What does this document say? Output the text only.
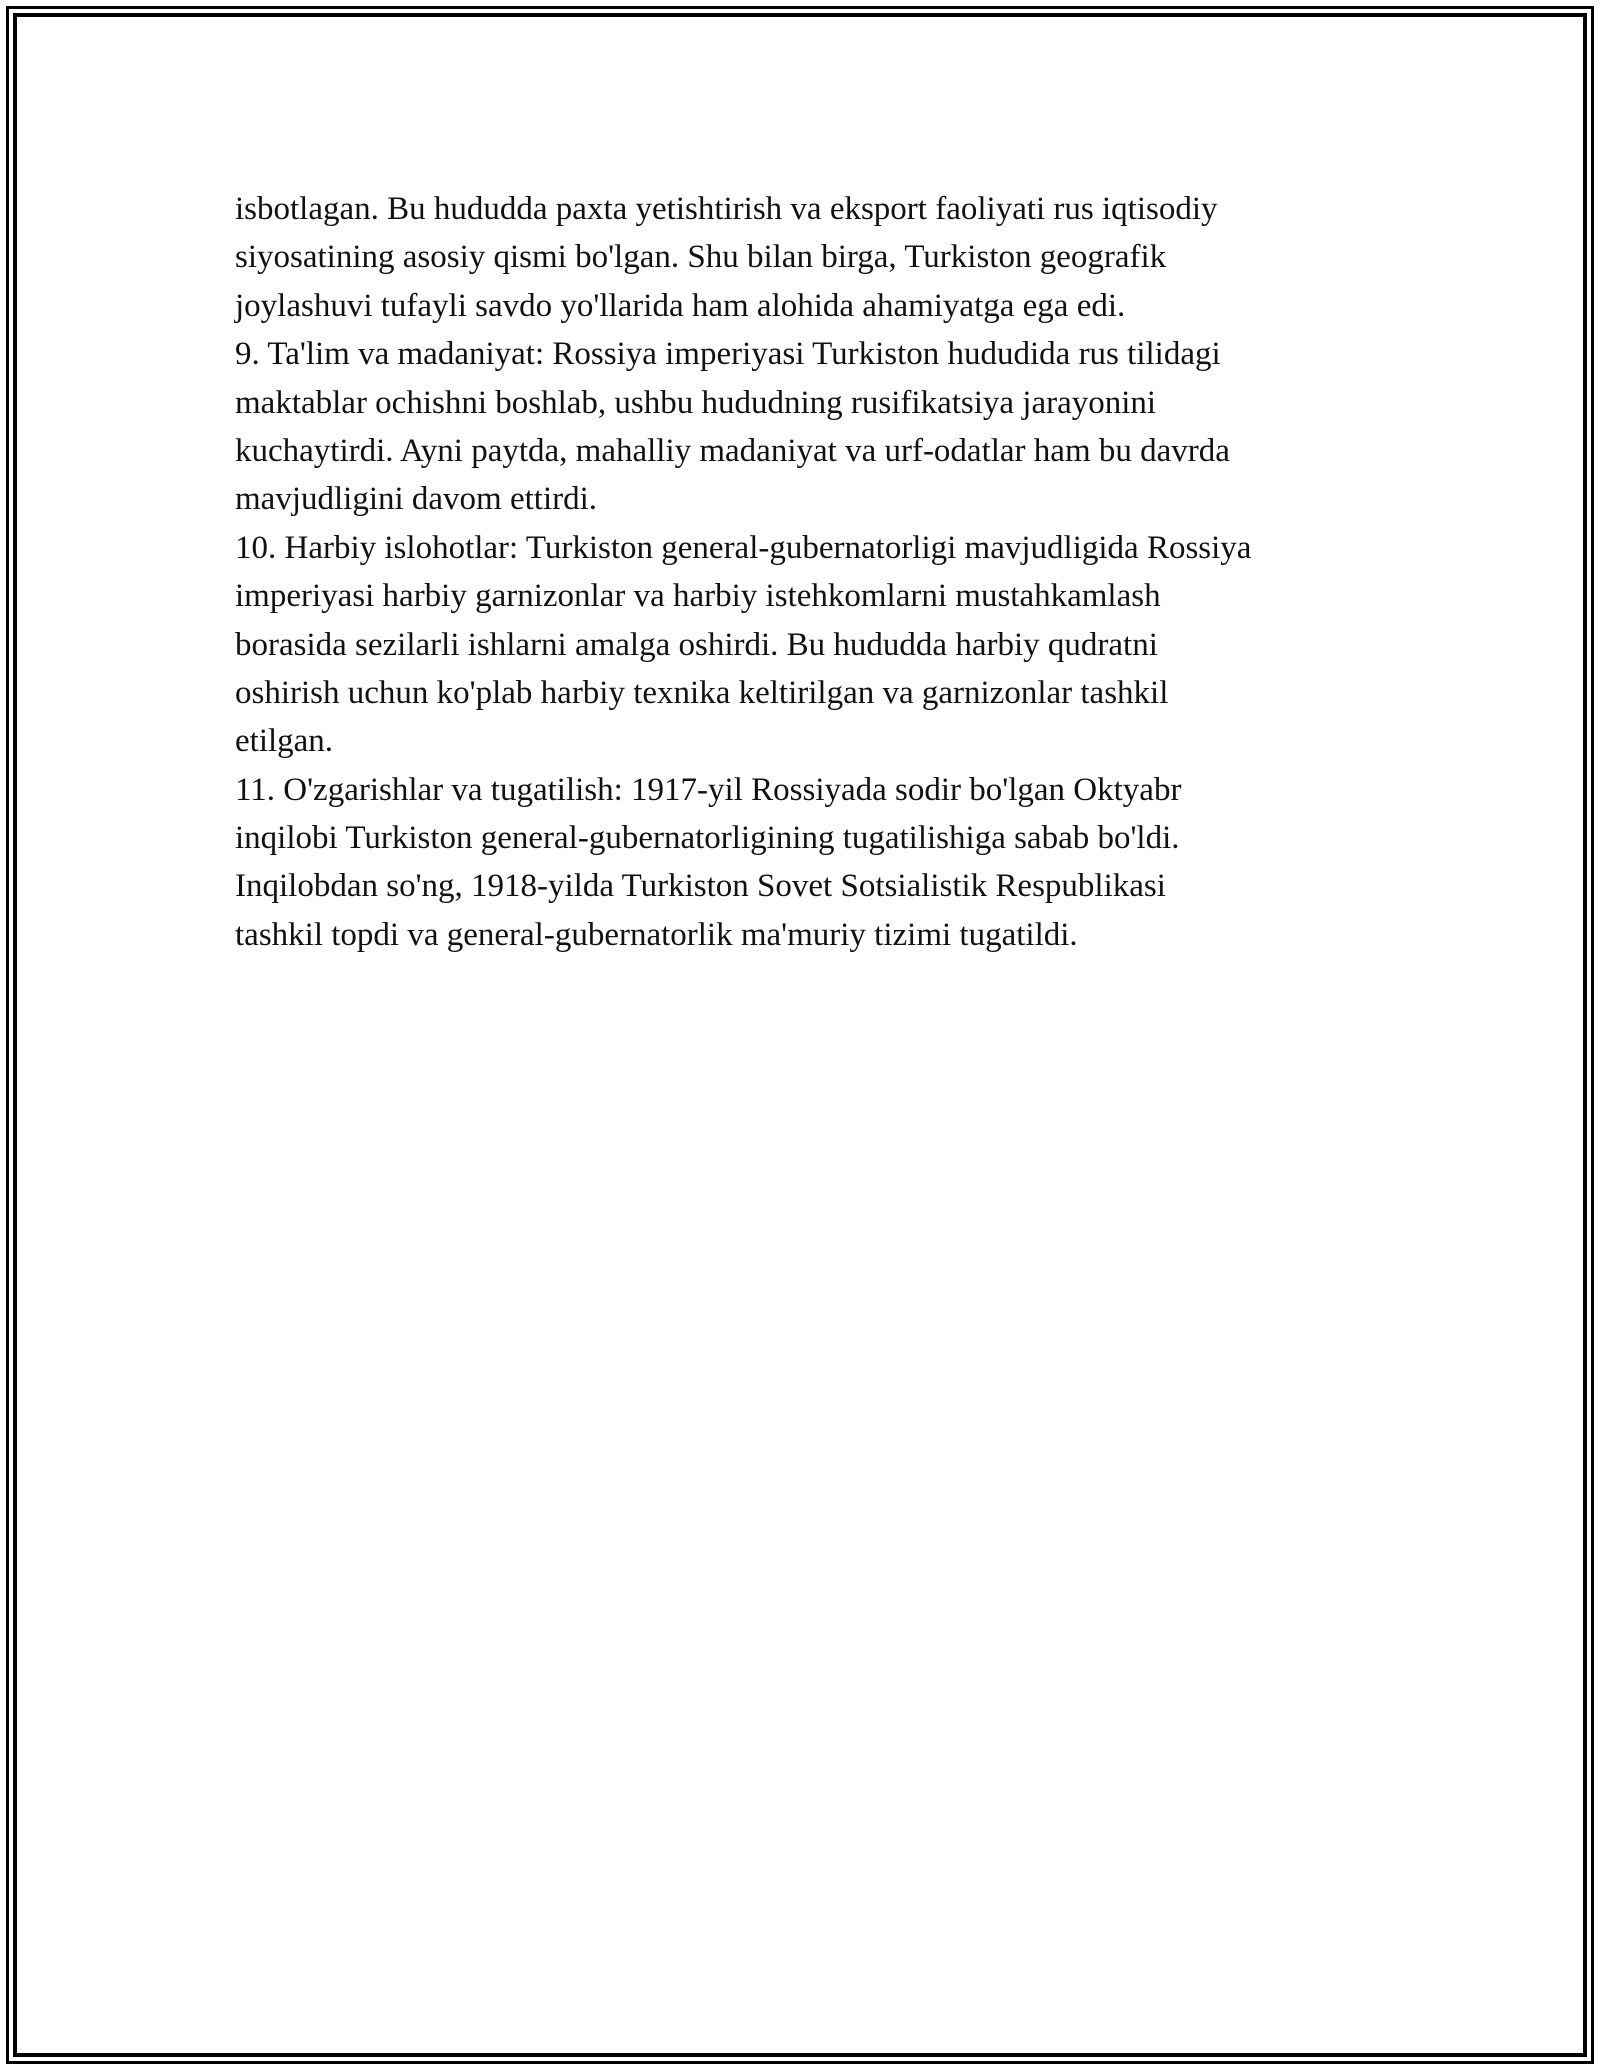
isbotlagan. Bu hududda paxta yetishtirish va eksport faoliyati rus iqtisodiy
siyosatining asosiy qismi bo'lgan. Shu bilan birga, Turkiston geografik
joylashuvi tufayli savdo yo'llarida ham alohida ahamiyatga ega edi.
9. Ta'lim va madaniyat: Rossiya imperiyasi Turkiston hududida rus tilidagi
maktablar ochishni boshlab, ushbu hududning rusifikatsiya jarayonini
kuchaytirdi. Ayni paytda, mahalliy madaniyat va urf-odatlar ham bu davrda
mavjudligini davom ettirdi.
10. Harbiy islohotlar: Turkiston general-gubernatorligi mavjudligida Rossiya
imperiyasi harbiy garnizonlar va harbiy istehkomlarni mustahkamlash
borasida sezilarli ishlarni amalga oshirdi. Bu hududda harbiy qudratni
oshirish uchun ko'plab harbiy texnika keltirilgan va garnizonlar tashkil
etilgan.
11. O'zgarishlar va tugatilish: 1917-yil Rossiyada sodir bo'lgan Oktyabr
inqilobi Turkiston general-gubernatorligining tugatilishiga sabab bo'ldi.
Inqilobdan so'ng, 1918-yilda Turkiston Sovet Sotsialistik Respublikasi
tashkil topdi va general-gubernatorlik ma'muriy tizimi tugatildi.
